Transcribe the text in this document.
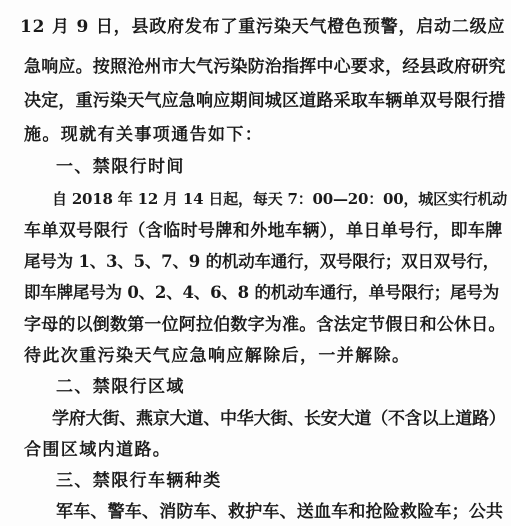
12 月 9 日，县政府发布了重污染天气橙色预警，启动二级应
急响应。按照沧州市大气污染防治指挥中心要求，经县政府研究
决定，重污染天气应急响应期间城区道路采取车辆单双号限行措
施。现就有关事项通告如下：
一、禁限行时间
自 2018 年 12 月 14 日起，每天 7：00—20：00，城区实行机动
车单双号限行（含临时号牌和外地车辆），单日单号行，即车牌
尾号为 1、3、5、7、9 的机动车通行，双号限行；双日双号行，
即车牌尾号为 0、2、4、6、8 的机动车通行，单号限行；尾号为
字母的以倒数第一位阿拉伯数字为准。含法定节假日和公休日。
待此次重污染天气应急响应解除后，一并解除。
二、禁限行区域
学府大街、燕京大道、中华大街、长安大道（不含以上道路）
合围区域内道路。
三、禁限行车辆种类
军车、警车、消防车、救护车、送血车和抢险救险车；公共
